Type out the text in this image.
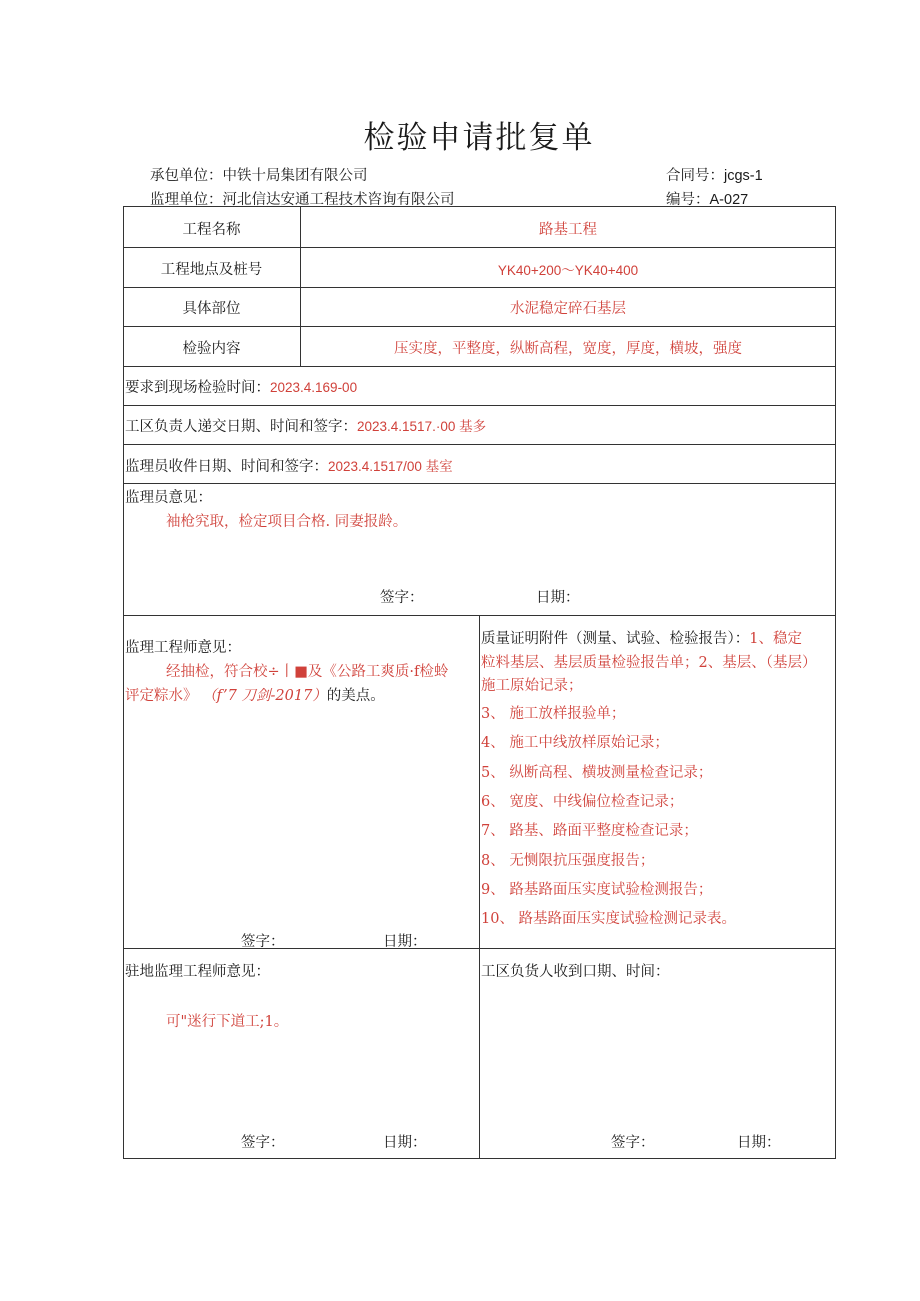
检验申请批复单
承包单位：中铁十局集团有限公司	合同号：jcgs-1
监理单位：河北信达安通工程技术咨询有限公司	编号：A-027
工程名称	路基工程
工程地点及桩号	YK40+200～YK40+400
具体部位	水泥稳定碎石基层
检验内容	压实度，平整度，纵断高程，宽度，厚度，横坡，强度
要求到现场检验时间：2023.4.169-00
工区负责人递交日期、时间和签字：2023.4.1517.·00 基多
监理员收件日期、时间和签字：2023.4.1517/00 基室
监理员意见：
袖枪究取，检定项目合格. 同妻报龄。
签字：	日期：
监理工程师意见：
经抽检，符合校÷丨■及《公路工爽质·f检蛉
评定粽水》 （f’7 刀剑-2017）的美点。
签字：	日期：
质量证明附件（测量、试验、检验报告）：1、稳定
粒料基层、基层质量检验报告单；2、基层、（基层）
施工原始记录；
3、 施工放样报验单；
4、 施工中线放样原始记录；
5、 纵断高程、横坡测量检查记录；
6、 宽度、中线偏位检查记录；
7、 路基、路面平整度检查记录；
8、 无恻限抗压强度报告；
9、 路基路面压实度试验检测报告；
10、 路基路面压实度试验检测记录表。
驻地监理工程师意见：
可"迷行下道工;1。
签字：	日期：
工区负货人收到口期、时间：
签字：	日期：
